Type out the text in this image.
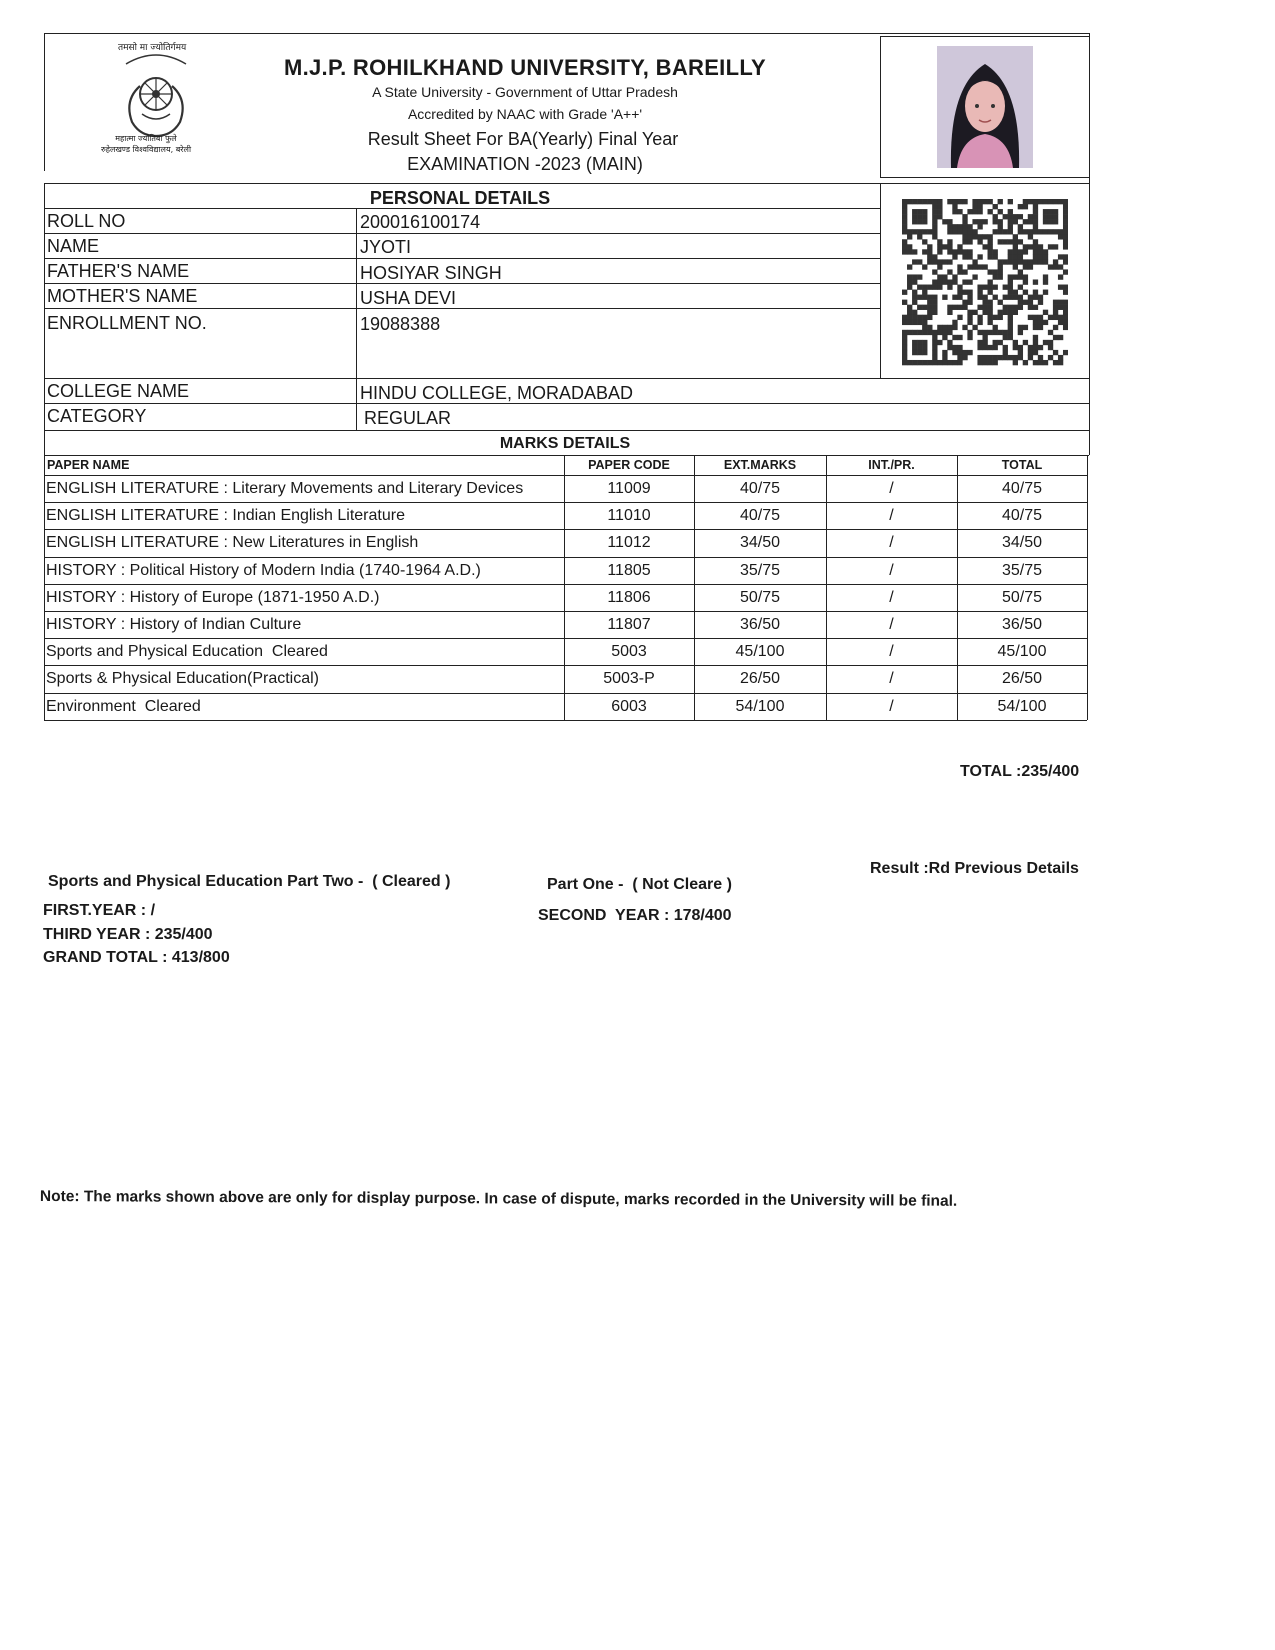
तमसो मा ज्योतिर्गमय
महात्मा ज्योतिबा फुले
रुहेलखण्ड विश्वविद्यालय, बरेली
M.J.P. ROHILKHAND UNIVERSITY, BAREILLY
A State University - Government of Uttar Pradesh
Accredited by NAAC with Grade 'A++'
Result Sheet For BA(Yearly) Final Year
EXAMINATION -2023 (MAIN)
PERSONAL DETAILS
ROLL NO	200016100174
NAME	JYOTI
FATHER'S NAME	HOSIYAR SINGH
MOTHER'S NAME	USHA DEVI
ENROLLMENT NO.	19088388
COLLEGE NAME	HINDU COLLEGE, MORADABAD
CATEGORY	REGULAR
MARKS DETAILS
PAPER NAME	PAPER CODE	EXT.MARKS	INT./PR.	TOTAL
ENGLISH LITERATURE : Literary Movements and Literary Devices	11009	40/75	/	40/75
ENGLISH LITERATURE : Indian English Literature	11010	40/75	/	40/75
ENGLISH LITERATURE : New Literatures in English	11012	34/50	/	34/50
HISTORY : Political History of Modern India (1740-1964 A.D.)	11805	35/75	/	35/75
HISTORY : History of Europe (1871-1950 A.D.)	11806	50/75	/	50/75
HISTORY : History of Indian Culture	11807	36/50	/	36/50
Sports and Physical Education  Cleared	5003	45/100	/	45/100
Sports & Physical Education(Practical)	5003-P	26/50	/	26/50
Environment  Cleared	6003	54/100	/	54/100
TOTAL :235/400
Result :Rd Previous Details
Sports and Physical Education Part Two -  ( Cleared )	Part One -  ( Not Cleare )
FIRST.YEAR : /	SECOND  YEAR : 178/400
THIRD YEAR : 235/400
GRAND TOTAL : 413/800
Note: The marks shown above are only for display purpose. In case of dispute, marks recorded in the University will be final.
